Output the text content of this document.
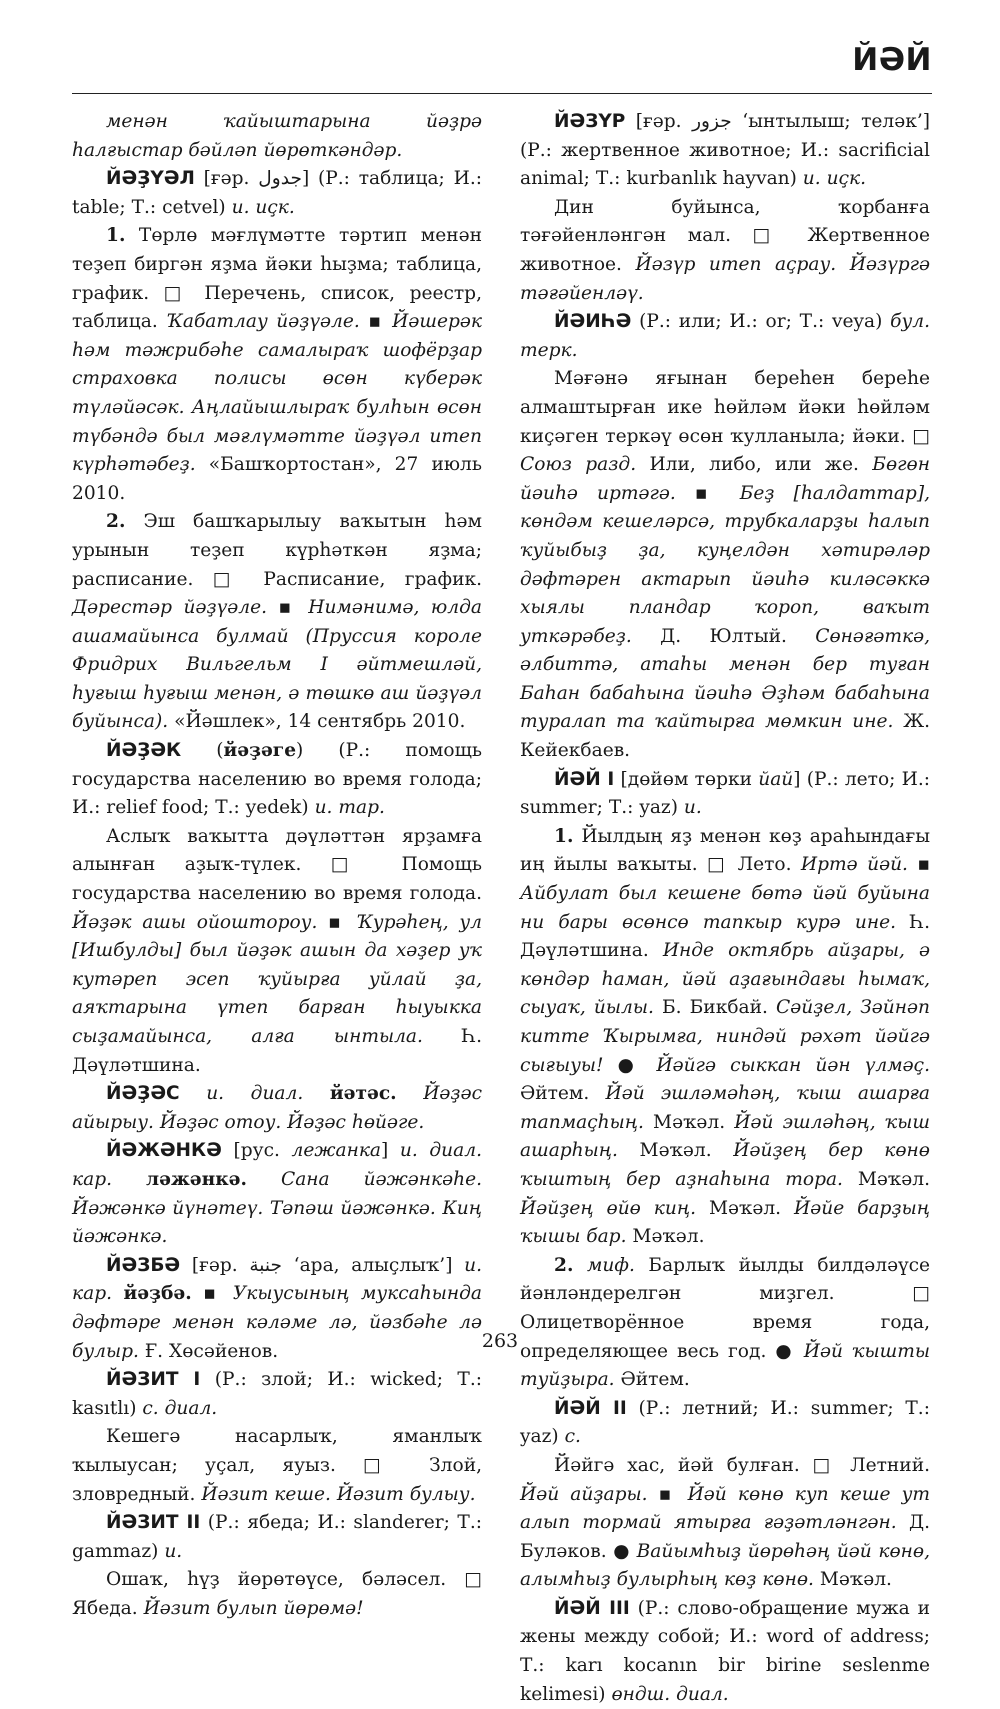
ЙӘЙ

менән ҡайыштарына йәҙрә һалғыстар бәйләп йөрөткәндәр.

ЙӘҘҮӘЛ [ғәр. جدول] (Р.: таблица; И.: table; Т.: cetvel) и. иҫк.

1. Төрлө мәғлүмәтте тәртип менән теҙеп биргән яҙма йәки һыҙма; таблица, график. □ Перечень, список, реестр, таблица. Ҡабатлау йәҙүәле. ▪ Йәшерәк һәм тәжрибәһе самалыраҡ шофёрҙар страховка полисы өсөн күберәк түләйәсәк. Аңлайышлыраҡ булһын өсөн түбәндә был мәғлүмәтте йәҙүәл итеп күрһәтәбеҙ. «Башҡортостан», 27 июль 2010.

2. Эш башҡарылыу ваҡытын һәм урынын теҙеп күрһәткән яҙма; расписание. □ Расписание, график. Дәрестәр йәҙүәле. ▪ Нимәнимә, юлда ашамайынса булмай (Пруссия короле Фридрих Вильгельм I әйтмешләй, һуғыш һуғыш менән, ә төшкө аш йәҙүәл буйынса). «Йәшлек», 14 сентябрь 2010.

ЙӘҘӘК (йәҙәге) (Р.: помощь государства населению во время голода; И.: relief food; Т.: yedek) и. тар.

Аслыҡ ваҡытта дәүләттән ярҙамға алынған аҙыҡ-түлек. □ Помощь государства населению во время голода. Йәҙәк ашы ойоштороу. ▪ Ҡурәһең, ул [Ишбулды] был йәҙәк ашын да хәҙер уҡ кутәреп эсеп ҡуйырға уйлай ҙа, аяҡтарына үтеп барған һыуыкка сыҙамайынса, алға ынтыла. Һ. Дәүләтшина.

ЙӘҘӘС и. диал. йәтәс. Йәҙәс айырыу. Йәҙәс отоу. Йәҙәс һөйәге.

ЙӘЖӘНКӘ [рус. лежанка] и. диал. кар. ләжәнкә. Сана йәжәнкәһе. Йәжәнкә йүнәтеү. Тәпәш йәжәнкә. Киң йәжәнкә.

ЙӘЗБӘ [ғәр. جنبة ‘ара, алыҫлыҡ’] и. кар. йәҙбә. ▪ Укыусының мукcаһында дәфтәре менән кәләме лә, йәзбәһе лә булыр. Ғ. Хөсәйенов.

ЙӘЗИТ I (Р.: злой; И.: wicked; Т.: kasıtlı) с. диал.

Кешегә насарлыҡ, яманлыҡ ҡылыусан; уҫал, яуыз. □ Злой, зловредный. Йәзит кеше. Йәзит булыу.

ЙӘЗИТ II (Р.: ябеда; И.: slanderer; Т.: gammaz) и.

Ошаҡ, һүҙ йөрөтөүсе, бәләсел. □ Ябеда. Йәзит булып йөрөмә!

ЙӘЗҮР [ғәр. جزور ‘ынтылыш; теләк’] (Р.: жертвенное животное; И.: sacrificial animal; Т.: kurbanlık hayvan) и. иҫк.

Дин буйынса, ҡорбанға тәғәйенләнгән мал. □ Жертвенное животное. Йәзүр итеп аҫрау. Йәзүргә тәғәйенләү.

ЙӘИҺӘ (Р.: или; И.: or; Т.: veya) бул. терк.

Мәғәнә яғынан береһен береһе алмаштырған ике һөйләм йәки һөйләм киҫәген теркәү өсөн ҡулланыла; йәки. □ Союз разд. Или, либо, или же. Бөгөн йәиһә иртәгә. ▪ Беҙ [һалдаттар], көндәм кешеләрсә, трубкаларҙы һалып ҡуйыбыҙ ҙа, куңелдән хәтирәләр дәфтәрен актарып йәиһә киләсәккә хыялы пландар ҡороп, ваҡыт уткәрәбеҙ. Д. Юлтый. Сөнәғәткә, әлбиттә, атаһы менән бер туған Баһан бабаһына йәиһә Әҙһәм бабаһына туралап та ҡайтырға мөмкин ине. Ж. Кейекбаев.

ЙӘЙ I [дөйөм төрки йай] (Р.: лето; И.: summer; Т.: yaz) и.

1. Йылдың яҙ менән көҙ араһындағы иң йылы ваҡыты. □ Лето. Иртә йәй. ▪ Айбулат был кешене бөтә йәй буйына ни бары өсөнсө тапкыр курә ине. Һ. Дәүләтшина. Инде октябрь айҙары, ә көндәр һаман, йәй аҙағындағы һымаҡ, сыуаҡ, йылы. Б. Бикбай. Сәйҙел, Зәйнәп китте Ҡырымға, ниндәй рәхәт йәйгә сығыуы! ● Йәйгә сыккан йән үлмәҫ. Әйтем. Йәй эшләмәһәң, ҡыш ашарға тапмаҫһың. Мәҡәл. Йәй эшләһәң, ҡыш ашарһың. Мәҡәл. Йәйҙең бер көнө ҡыштың бер аҙнаһына тора. Мәҡәл. Йәйҙең өйө киң. Мәҡәл. Йәйе барҙың ҡышы бар. Мәҡәл.

2. миф. Барлыҡ йылды билдәләүсе йәнләндерелгән миҙгел. □ Олицетворённое время года, определяющее весь год. ● Йәй ҡышты туйҙыра. Әйтем.

ЙӘЙ II (Р.: летний; И.: summer; Т.: yaz) с.

Йәйгә хас, йәй булған. □ Летний. Йәй айҙары. ▪ Йәй көнө куп кеше ут алып тормай ятырға ғәҙәтләнгән. Д. Буләков. ● Вайымһыҙ йөрөһәң йәй көнө, алымһыҙ булырһың көҙ көнө. Мәҡәл.

ЙӘЙ III (Р.: слово-обращение мужа и жены между собой; И.: word of address; Т.: karı kocanın bir birine seslenme kelimesi) өндш. диал.

263
